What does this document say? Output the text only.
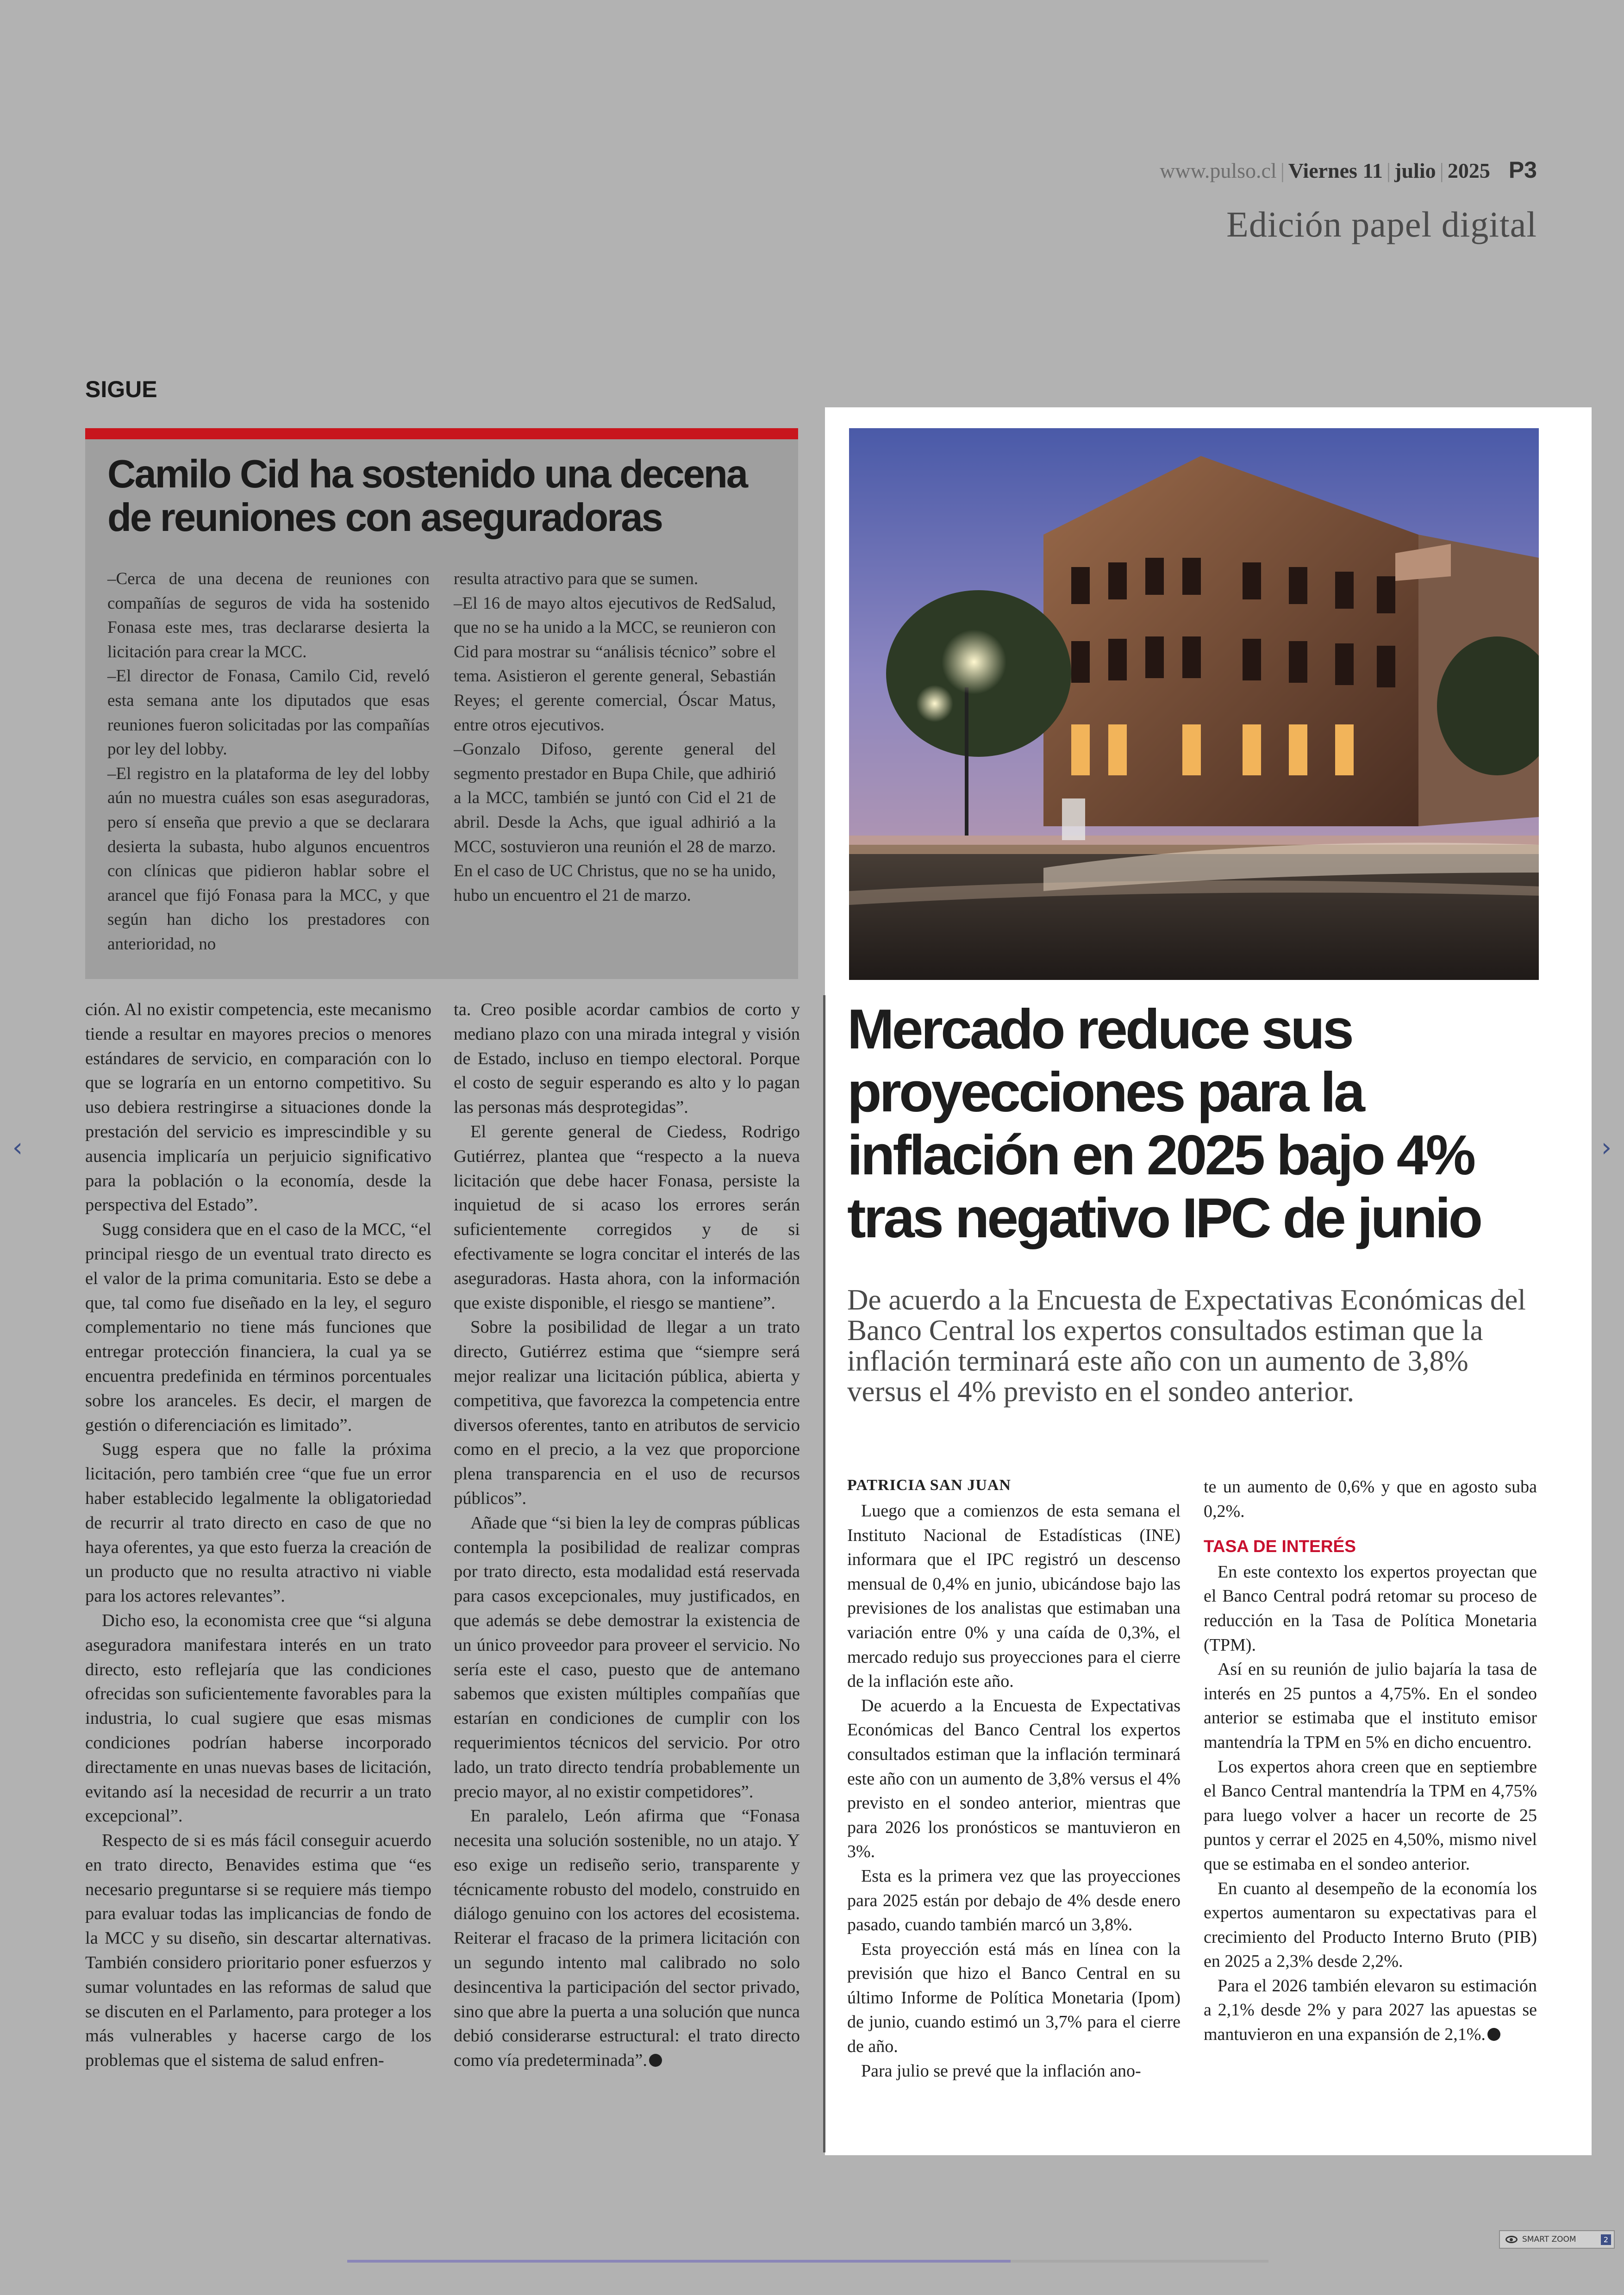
www.pulso.cl | Viernes 11 | julio | 2025 P3
Edición papel digital
SIGUE
Camilo Cid ha sostenido una decena
de reuniones con aseguradoras

–Cerca de una decena de reuniones con compañías de seguros de vida ha sostenido Fonasa este mes, tras declararse desierta la licitación para crear la MCC.

–El director de Fonasa, Camilo Cid, reveló esta semana ante los diputados que esas reuniones fueron solicitadas por las compañías por ley del lobby.

–El registro en la plataforma de ley del lobby aún no muestra cuáles son esas aseguradoras, pero sí enseña que previo a que se declarara desierta la subasta, hubo algunos encuentros con clínicas que pidieron hablar sobre el arancel que fijó Fonasa para la MCC, y que según han dicho los prestadores con anterioridad, no

resulta atractivo para que se sumen.

–El 16 de mayo altos ejecutivos de RedSalud, que no se ha unido a la MCC, se reunieron con Cid para mostrar su “análisis técnico” sobre el tema. Asistieron el gerente general, Sebastián Reyes; el gerente comercial, Óscar Matus, entre otros ejecutivos.

–Gonzalo Difoso, gerente general del segmento prestador en Bupa Chile, que adhirió a la MCC, también se juntó con Cid el 21 de abril. Desde la Achs, que igual adhirió a la MCC, sostuvieron una reunión el 28 de marzo. En el caso de UC Christus, que no se ha unido, hubo un encuentro el 21 de marzo.

ción. Al no existir competencia, este mecanismo tiende a resultar en mayores precios o menores estándares de servicio, en comparación con lo que se lograría en un entorno competitivo. Su uso debiera restringirse a situaciones donde la prestación del servicio es imprescindible y su ausencia implicaría un perjuicio significativo para la población o la economía, desde la perspectiva del Estado”.

Sugg considera que en el caso de la MCC, “el principal riesgo de un eventual trato directo es el valor de la prima comunitaria. Esto se debe a que, tal como fue diseñado en la ley, el seguro complementario no tiene más funciones que entregar protección financiera, la cual ya se encuentra predefinida en términos porcentuales sobre los aranceles. Es decir, el margen de gestión o diferenciación es limitado”.

Sugg espera que no falle la próxima licitación, pero también cree “que fue un error haber establecido legalmente la obligatoriedad de recurrir al trato directo en caso de que no haya oferentes, ya que esto fuerza la creación de un producto que no resulta atractivo ni viable para los actores relevantes”.

Dicho eso, la economista cree que “si alguna aseguradora manifestara interés en un trato directo, esto reflejaría que las condiciones ofrecidas son suficientemente favorables para la industria, lo cual sugiere que esas mismas condiciones podrían haberse incorporado directamente en unas nuevas bases de licitación, evitando así la necesidad de recurrir a un trato excepcional”.

Respecto de si es más fácil conseguir acuerdo en trato directo, Benavides estima que “es necesario preguntarse si se requiere más tiempo para evaluar todas las implicancias de fondo de la MCC y su diseño, sin descartar alternativas. También considero prioritario poner esfuerzos y sumar voluntades en las reformas de salud que se discuten en el Parlamento, para proteger a los más vulnerables y hacerse cargo de los problemas que el sistema de salud enfren-

ta. Creo posible acordar cambios de corto y mediano plazo con una mirada integral y visión de Estado, incluso en tiempo electoral. Porque el costo de seguir esperando es alto y lo pagan las personas más desprotegidas”.

El gerente general de Ciedess, Rodrigo Gutiérrez, plantea que “respecto a la nueva licitación que debe hacer Fonasa, persiste la inquietud de si acaso los errores serán suficientemente corregidos y de si efectivamente se logra concitar el interés de las aseguradoras. Hasta ahora, con la información que existe disponible, el riesgo se mantiene”.

Sobre la posibilidad de llegar a un trato directo, Gutiérrez estima que “siempre será mejor realizar una licitación pública, abierta y competitiva, que favorezca la competencia entre diversos oferentes, tanto en atributos de servicio como en el precio, a la vez que proporcione plena transparencia en el uso de recursos públicos”.

Añade que “si bien la ley de compras públicas contempla la posibilidad de realizar compras por trato directo, esta modalidad está reservada para casos excepcionales, muy justificados, en que además se debe demostrar la existencia de un único proveedor para proveer el servicio. No sería este el caso, puesto que de antemano sabemos que existen múltiples compañías que estarían en condiciones de cumplir con los requerimientos técnicos del servicio. Por otro lado, un trato directo tendría probablemente un precio mayor, al no existir competidores”.

En paralelo, León afirma que “Fonasa necesita una solución sostenible, no un atajo. Y eso exige un rediseño serio, transparente y técnicamente robusto del modelo, construido en diálogo genuino con los actores del ecosistema. Reiterar el fracaso de la primera licitación con un segundo intento mal calibrado no solo desincentiva la participación del sector privado, sino que abre la puerta a una solución que nunca debió considerarse estructural: el trato directo como vía predeterminada”.

Mercado reduce sus proyecciones para la inflación en 2025 bajo 4% tras negativo IPC de junio
De acuerdo a la Encuesta de Expectativas Económicas del Banco Central los expertos consultados estiman que la inflación terminará este año con un aumento de 3,8% versus el 4% previsto en el sondeo anterior.
PATRICIA SAN JUAN

Luego que a comienzos de esta semana el Instituto Nacional de Estadísticas (INE) informara que el IPC registró un descenso mensual de 0,4% en junio, ubicándose bajo las previsiones de los analistas que estimaban una variación entre 0% y una caída de 0,3%, el mercado redujo sus proyecciones para el cierre de la inflación este año.

De acuerdo a la Encuesta de Expectativas Económicas del Banco Central los expertos consultados estiman que la inflación terminará este año con un aumento de 3,8% versus el 4% previsto en el sondeo anterior, mientras que para 2026 los pronósticos se mantuvieron en 3%.

Esta es la primera vez que las proyecciones para 2025 están por debajo de 4% desde enero pasado, cuando también marcó un 3,8%.

Esta proyección está más en línea con la previsión que hizo el Banco Central en su último Informe de Política Monetaria (Ipom) de junio, cuando estimó un 3,7% para el cierre de año.

Para julio se prevé que la inflación ano-

te un aumento de 0,6% y que en agosto suba 0,2%.

TASA DE INTERÉS

En este contexto los expertos proyectan que el Banco Central podrá retomar su proceso de reducción en la Tasa de Política Monetaria (TPM).

Así en su reunión de julio bajaría la tasa de interés en 25 puntos a 4,75%. En el sondeo anterior se estimaba que el instituto emisor mantendría la TPM en 5% en dicho encuentro.

Los expertos ahora creen que en septiembre el Banco Central mantendría la TPM en 4,75% para luego volver a hacer un recorte de 25 puntos y cerrar el 2025 en 4,50%, mismo nivel que se estimaba en el sondeo anterior.

En cuanto al desempeño de la economía los expertos aumentaron su expectativas para el crecimiento del Producto Interno Bruto (PIB) en 2025 a 2,3% desde 2,2%.

Para el 2026 también elevaron su estimación a 2,1% desde 2% y para 2027 las apuestas se mantuvieron en una expansión de 2,1%.

‹	›
SMART ZOOM	2
